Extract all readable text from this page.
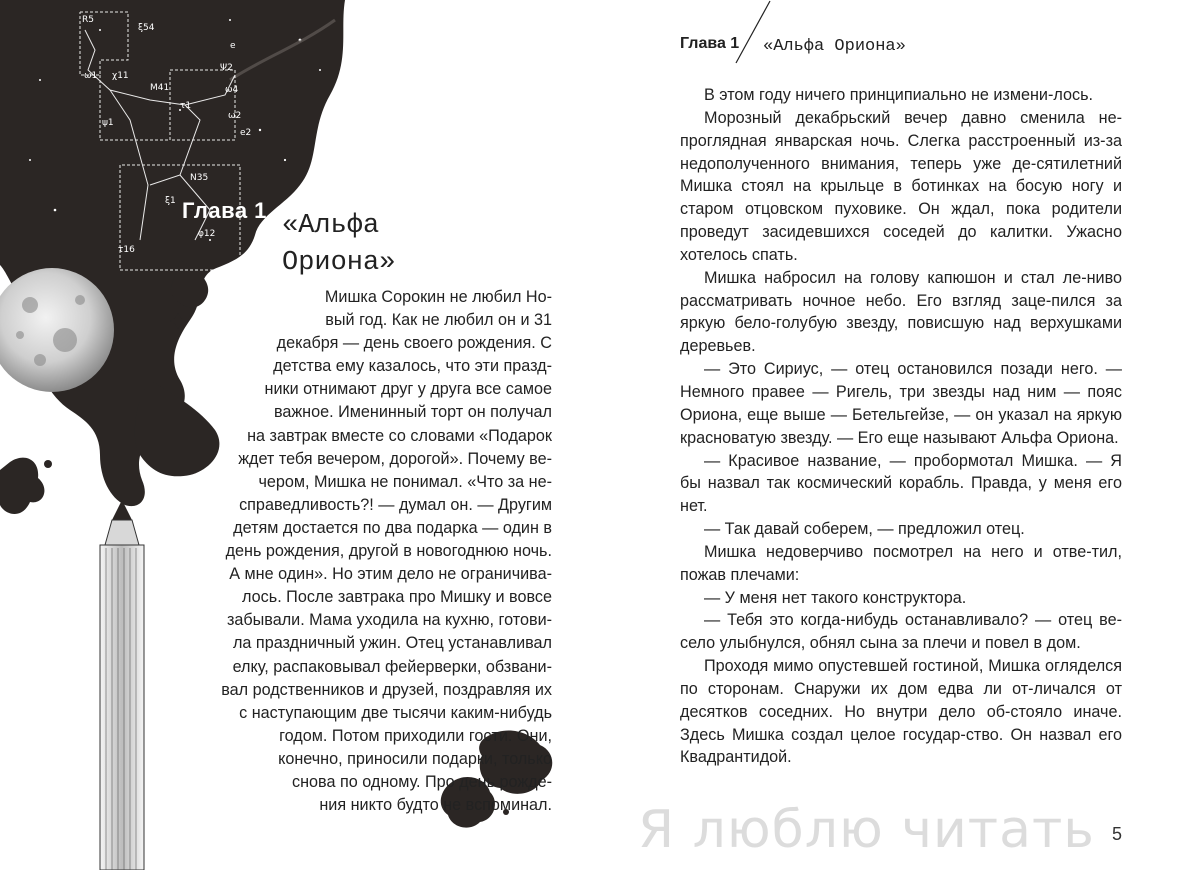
R5
ξ54
ω1 χ11
e
Ψ2
M41
τ1
ω4
ψ1
ω2
e2
N35
ξ1
φ12
τ16
Глава 1
«Альфа
Ориона»
Мишка Сорокин не любил Но-
вый год. Как не любил он и 31
декабря — день своего рождения. С
детства ему казалось, что эти празд-
ники отнимают друг у друга все самое
важное. Именинный торт он получал
на завтрак вместе со словами «Подарок
ждет тебя вечером, дорогой». Почему ве-
чером, Мишка не понимал. «Что за не-
справедливость?! — думал он. — Другим
детям достается по два подарка — один в
день рождения, другой в новогоднюю ночь.
А мне один». Но этим дело не ограничива-
лось. После завтрака про Мишку и вовсе
забывали. Мама уходила на кухню, готови-
ла праздничный ужин. Отец устанавливал
елку, распаковывал фейерверки, обзвани-
вал родственников и друзей, поздравляя их
с наступающим две тысячи каким-нибудь
годом. Потом приходили гости. Они,
конечно, приносили подарки, только
снова по одному. Про день рожде-
ния никто будто не вспоминал.
Глава 1 «Альфа Ориона»

В этом году ничего принципиально не измени-лось.

Морозный декабрьский вечер давно сменила не-проглядная январская ночь. Слегка расстроенный из-за недополученного внимания, теперь уже де-сятилетний Мишка стоял на крыльце в ботинках на босую ногу и старом отцовском пуховике. Он ждал, пока родители проведут засидевшихся соседей до калитки. Ужасно хотелось спать.

Мишка набросил на голову капюшон и стал ле-ниво рассматривать ночное небо. Его взгляд заце-пился за яркую бело-голубую звезду, повисшую над верхушками деревьев.

— Это Сириус, — отец остановился позади него. — Немного правее — Ригель, три звезды над ним — пояс Ориона, еще выше — Бетельгейзе, — он указал на яркую красноватую звезду. — Его еще называют Альфа Ориона.

— Красивое название, — пробормотал Мишка. — Я бы назвал так космический корабль. Правда, у меня его нет.

— Так давай соберем, — предложил отец.

Мишка недоверчиво посмотрел на него и отве-тил, пожав плечами:

— У меня нет такого конструктора.

— Тебя это когда-нибудь останавливало? — отец ве-село улыбнулся, обнял сына за плечи и повел в дом.

Проходя мимо опустевшей гостиной, Мишка огляделся по сторонам. Снаружи их дом едва ли от-личался от десятков соседних. Но внутри дело об-стояло иначе. Здесь Мишка создал целое государ-ство. Он назвал его Квадрантидой.

Я люблю читать 5
